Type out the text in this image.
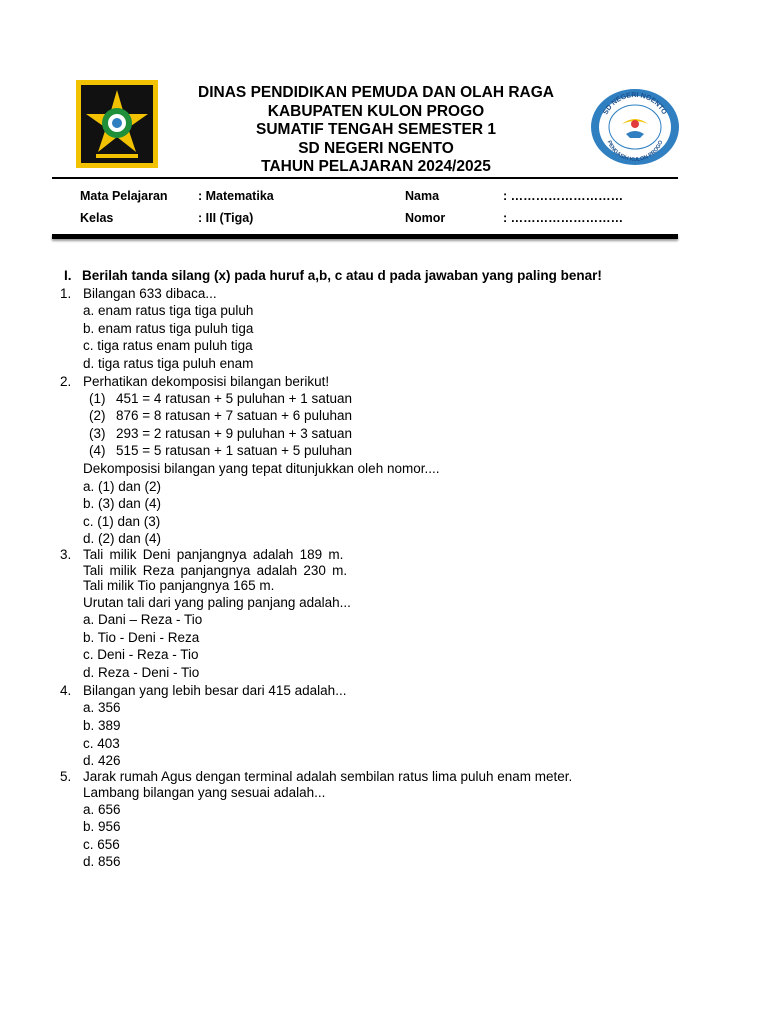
DINAS PENDIDIKAN PEMUDA DAN OLAH RAGA
KABUPATEN KULON PROGO
SUMATIF TENGAH SEMESTER 1
SD NEGERI NGENTO
TAHUN PELAJARAN 2024/2025
SD NEGERI NGENTO
PENGASIH KULON PROGO
Mata Pelajaran : Matematika	Nama	: ………………………
Kelas	: III (Tiga)	Nomor	: ………………………
I. Berilah tanda silang (x) pada huruf a,b, c atau d pada jawaban yang paling benar!
1. Bilangan 633 dibaca...
a. enam ratus tiga tiga puluh
b. enam ratus tiga puluh tiga
c. tiga ratus enam puluh tiga
d. tiga ratus tiga puluh enam
2. Perhatikan dekomposisi bilangan berikut!
(1) 451 = 4 ratusan + 5 puluhan + 1 satuan
(2) 876 = 8 ratusan + 7 satuan + 6 puluhan
(3) 293 = 2 ratusan + 9 puluhan + 3 satuan
(4) 515 = 5 ratusan + 1 satuan + 5 puluhan
Dekomposisi bilangan yang tepat ditunjukkan oleh nomor....
a. (1) dan (2)
b. (3) dan (4)
c. (1) dan (3)
d. (2) dan (4)
3. Tali milik Deni panjangnya adalah 189 m.
Tali milik Reza panjangnya adalah 230 m.
Tali milik Tio panjangnya 165 m.
Urutan tali dari yang paling panjang adalah...
a. Dani – Reza - Tio
b. Tio - Deni - Reza
c. Deni - Reza - Tio
d. Reza - Deni - Tio
4. Bilangan yang lebih besar dari 415 adalah...
a. 356
b. 389
c. 403
d. 426
5. Jarak rumah Agus dengan terminal adalah sembilan ratus lima puluh enam meter.
Lambang bilangan yang sesuai adalah...
a. 656
b. 956
c. 656
d. 856
